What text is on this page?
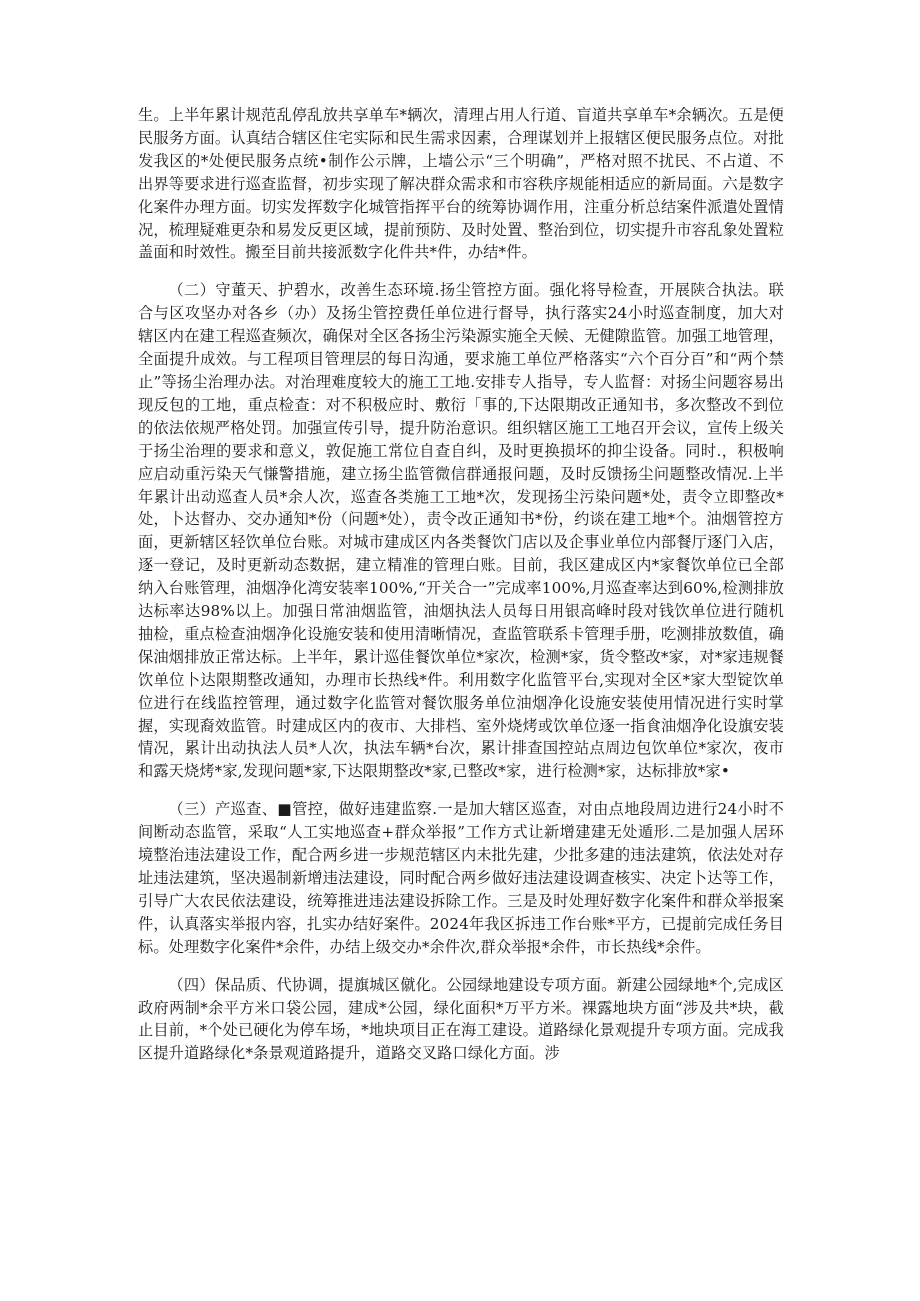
生。上半年累计规范乱停乱放共享单车*辆次，清理占用人行道、盲道共享单车*余辆次。五是便民服务方面。认真结合辖区住宅实际和民生需求因素，合理谋划并上报辖区便民服务点位。对批发我区的*处便民服务点统•制作公示牌，上墙公示“三个明确”，严格对照不扰民、不占道、不出界等要求进行巡查监督，初步实现了解决群众需求和市容秩序规能相适应的新局面。六是数字化案件办理方面。切实发挥数字化城管指挥平台的统筹协调作用，注重分析总结案件派遣处置情况，梳理疑难更杂和易发反更区域，提前预防、及时处置、整治到位，切实提升市容乱象处置粒盖面和时效性。搬至目前共接派数字化件共*件，办结*件。

（二）守董天、护碧水，改善生态环境.扬尘管控方面。强化将导检查，开展陕合执法。联合与区攻坚办对各乡（办）及扬尘管控费任单位进行督导，执行落实24小时巡查制度，加大对辖区内在建工程巡查频次，确保对全区各扬尘污染源实施全天候、无健隙监管。加强工地管理，全面提升成效。与工程项目管理层的每日沟通，要求施工单位严格落实“六个百分百”和“两个禁止”等扬尘治理办法。对治理难度较大的施工工地.安排专人指导，专人监督：对扬尘问题容易出现反包的工地，重点检查：对不积极应时、敷衍「事的,下达限期改正通知书，多次整改不到位的依法依规严格处罚。加强宣传引导，提升防治意识。组织辖区施工工地召开会议，宣传上级关于扬尘治理的要求和意义，敦促施工常位自查自纠，及时更换损坏的抑尘设备。同时.，积极响应启动重污染天气慊警措施，建立扬尘监管微信群通报问题，及时反馈扬尘问题整改情况.上半年累计出动巡查人员*余人次，巡查各类施工工地*次，发现扬尘污染问题*处，责令立即整改*处，卜达督办、交办通知*份（问题*处），责令改正通知书*份，约谈在建工地*个。油烟管控方面，更新辖区轻饮单位台账。对城市建成区内各类餐饮门店以及企事业单位内部餐厅逐门入店，逐一登记，及时更新动态数据，建立精准的管理白账。目前，我区建成区内*家餐饮单位已全部纳入台账管理，油烟净化湾安装率100%,“开关合一”完成率100%,月巡查率达到60%,检测排放达标率达98%以上。加强日常油烟监管，油烟执法人员每日用银高峰时段对钱饮单位进行随机抽检，重点检查油烟净化设施安装和使用清晰情况，查监管联系卡管理手册，吃测排放数值，确保油烟排放正常达标。上半年，累计巡佳餐饮单位*家次，检测*家，货令整改*家，对*家违规餐饮单位卜达限期整改通知，办理市长热线*件。利用数字化监管平台,实现对全区*家大型锭饮单位进行在线监控管理，通过数字化监管对餐饮服务单位油烟净化设施安装使用情况进行实时掌握，实现裔效监管。时建成区内的夜市、大排档、室外烧烤或饮单位逐一指食油烟净化设旗安装情况，累计出动执法人员*人次，执法车辆*台次，累计排查国控站点周边包饮单位*家次，夜市和露天烧烤*家,发现问题*家,下达限期整改*家,已整改*家，进行检测*家，达标排放*家•

（三）产巡查、■管控，做好违建监察.一是加大辖区巡查，对由点地段周边进行24小时不间断动态监管，采取“人工实地巡查+群众举报”工作方式让新增建建无处遁形.二是加强人居环境整治违法建设工作，配合两乡进一步规范辖区内未批先建，少批多建的违法建筑，依法处对存址违法建筑，坚决遏制新增违法建设，同时配合两乡做好违法建设调查核实、决定卜达等工作，引导广大农民依法建设，统筹推进违法建设拆除工作。三是及时处理好数字化案件和群众举报案件，认真落实举报内容，扎实办结好案件。2024年我区拆违工作台账*平方，已提前完成任务目标。处理数字化案件*余件，办结上级交办*余件次,群众举报*余件，市长热线*余件。

（四）保品质、代协调，提旗城区僦化。公园绿地建设专项方面。新建公园绿地*个,完成区政府两制*余平方米口袋公园，建成*公园，绿化面积*万平方米。裸露地块方面“涉及共*块，截止目前，*个处已硬化为停车场，*地块项目正在海工建设。道路绿化景观提升专项方面。完成我区提升道路绿化*条景观道路提升，道路交叉路口绿化方面。涉
